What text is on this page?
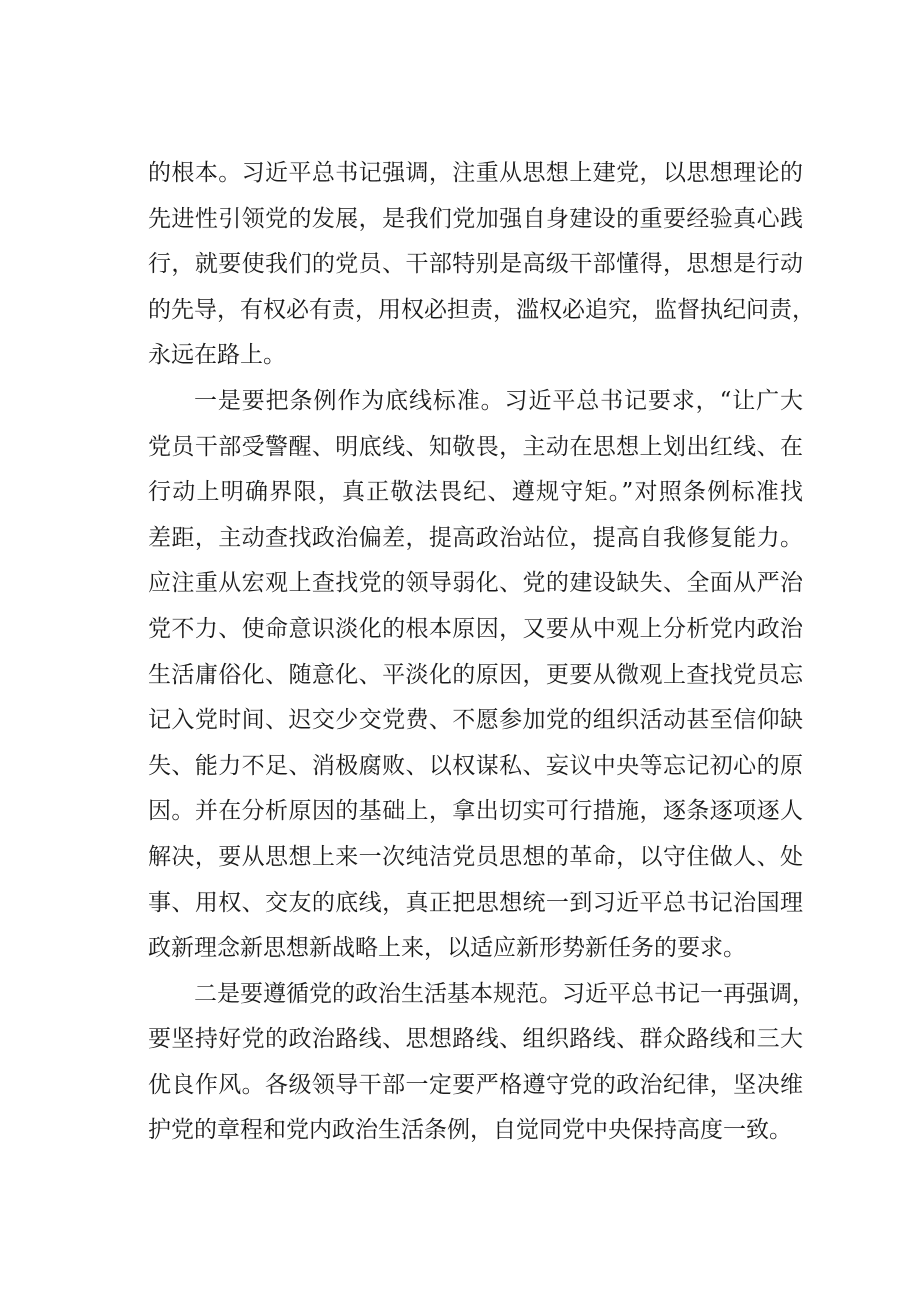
的根本。习近平总书记强调，注重从思想上建党，以思想理论的
先进性引领党的发展，是我们党加强自身建设的重要经验真心践
行，就要使我们的党员、干部特别是高级干部懂得，思想是行动
的先导，有权必有责，用权必担责，滥权必追究，监督执纪问责，
永远在路上。
一是要把条例作为底线标准。习近平总书记要求，“让广大
党员干部受警醒、明底线、知敬畏，主动在思想上划出红线、在
行动上明确界限，真正敬法畏纪、遵规守矩。”对照条例标准找
差距，主动查找政治偏差，提高政治站位，提高自我修复能力。
应注重从宏观上查找党的领导弱化、党的建设缺失、全面从严治
党不力、使命意识淡化的根本原因，又要从中观上分析党内政治
生活庸俗化、随意化、平淡化的原因，更要从微观上查找党员忘
记入党时间、迟交少交党费、不愿参加党的组织活动甚至信仰缺
失、能力不足、消极腐败、以权谋私、妄议中央等忘记初心的原
因。并在分析原因的基础上，拿出切实可行措施，逐条逐项逐人
解决，要从思想上来一次纯洁党员思想的革命，以守住做人、处
事、用权、交友的底线，真正把思想统一到习近平总书记治国理
政新理念新思想新战略上来，以适应新形势新任务的要求。
二是要遵循党的政治生活基本规范。习近平总书记一再强调，
要坚持好党的政治路线、思想路线、组织路线、群众路线和三大
优良作风。各级领导干部一定要严格遵守党的政治纪律，坚决维
护党的章程和党内政治生活条例，自觉同党中央保持高度一致。
